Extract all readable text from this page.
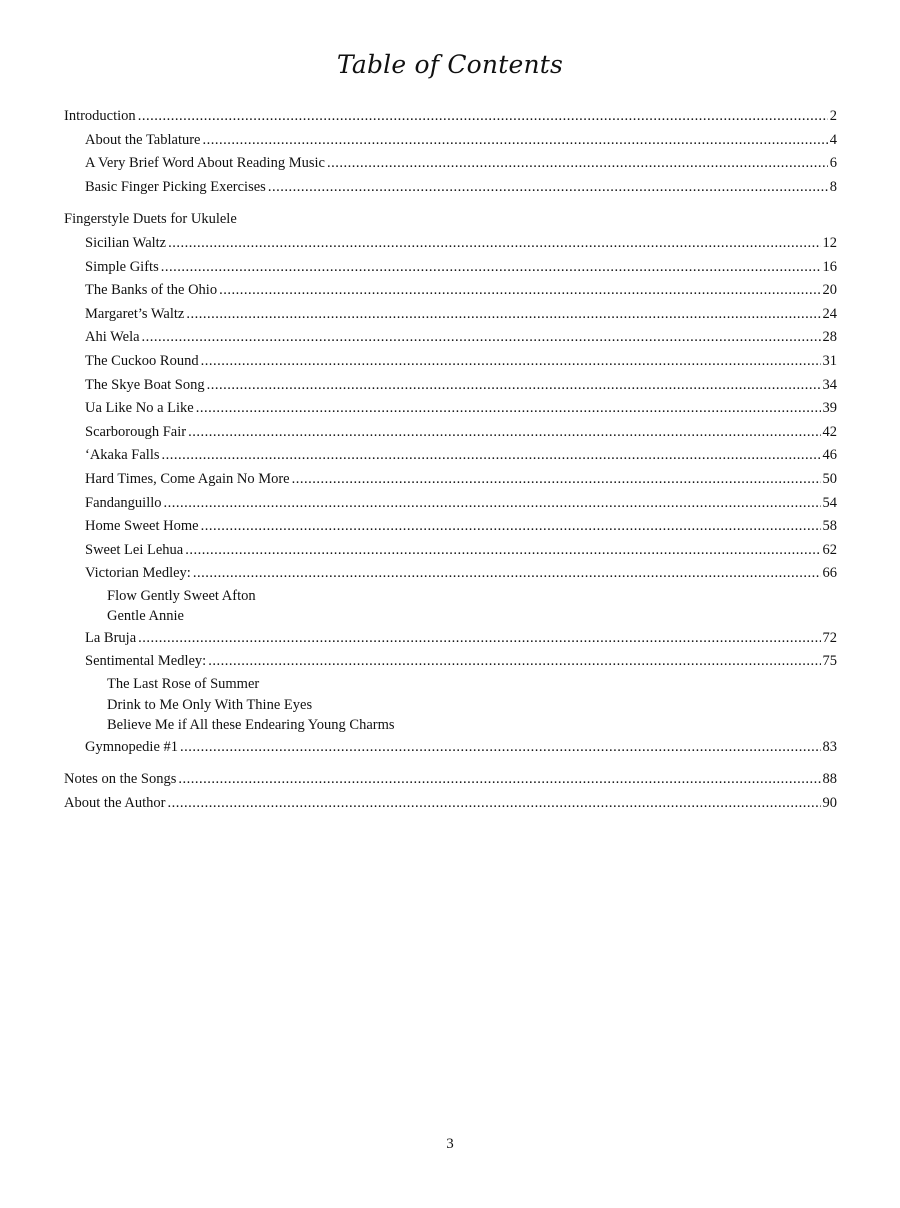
Table of Contents
Introduction .....	2
About the Tablature .....	4
A Very Brief Word About Reading Music .....	6
Basic Finger Picking Exercises .....	8
Fingerstyle Duets for Ukulele
Sicilian Waltz .....	12
Simple Gifts .....	16
The Banks of the Ohio .....	20
Margaret’s Waltz .....	24
Ahi Wela .....	28
The Cuckoo Round .....	31
The Skye Boat Song .....	34
Ua Like No a Like .....	39
Scarborough Fair .....	42
‘Akaka Falls .....	46
Hard Times, Come Again No More .....	50
Fandanguillo .....	54
Home Sweet Home .....	58
Sweet Lei Lehua .....	62
Victorian Medley: .....	66
Flow Gently Sweet Afton
Gentle Annie
La Bruja .....	72
Sentimental Medley: .....	75
The Last Rose of Summer
Drink to Me Only With Thine Eyes
Believe Me if All these Endearing Young Charms
Gymnopedie #1 .....	83
Notes on the Songs .....	88
About the Author .....	90
3
